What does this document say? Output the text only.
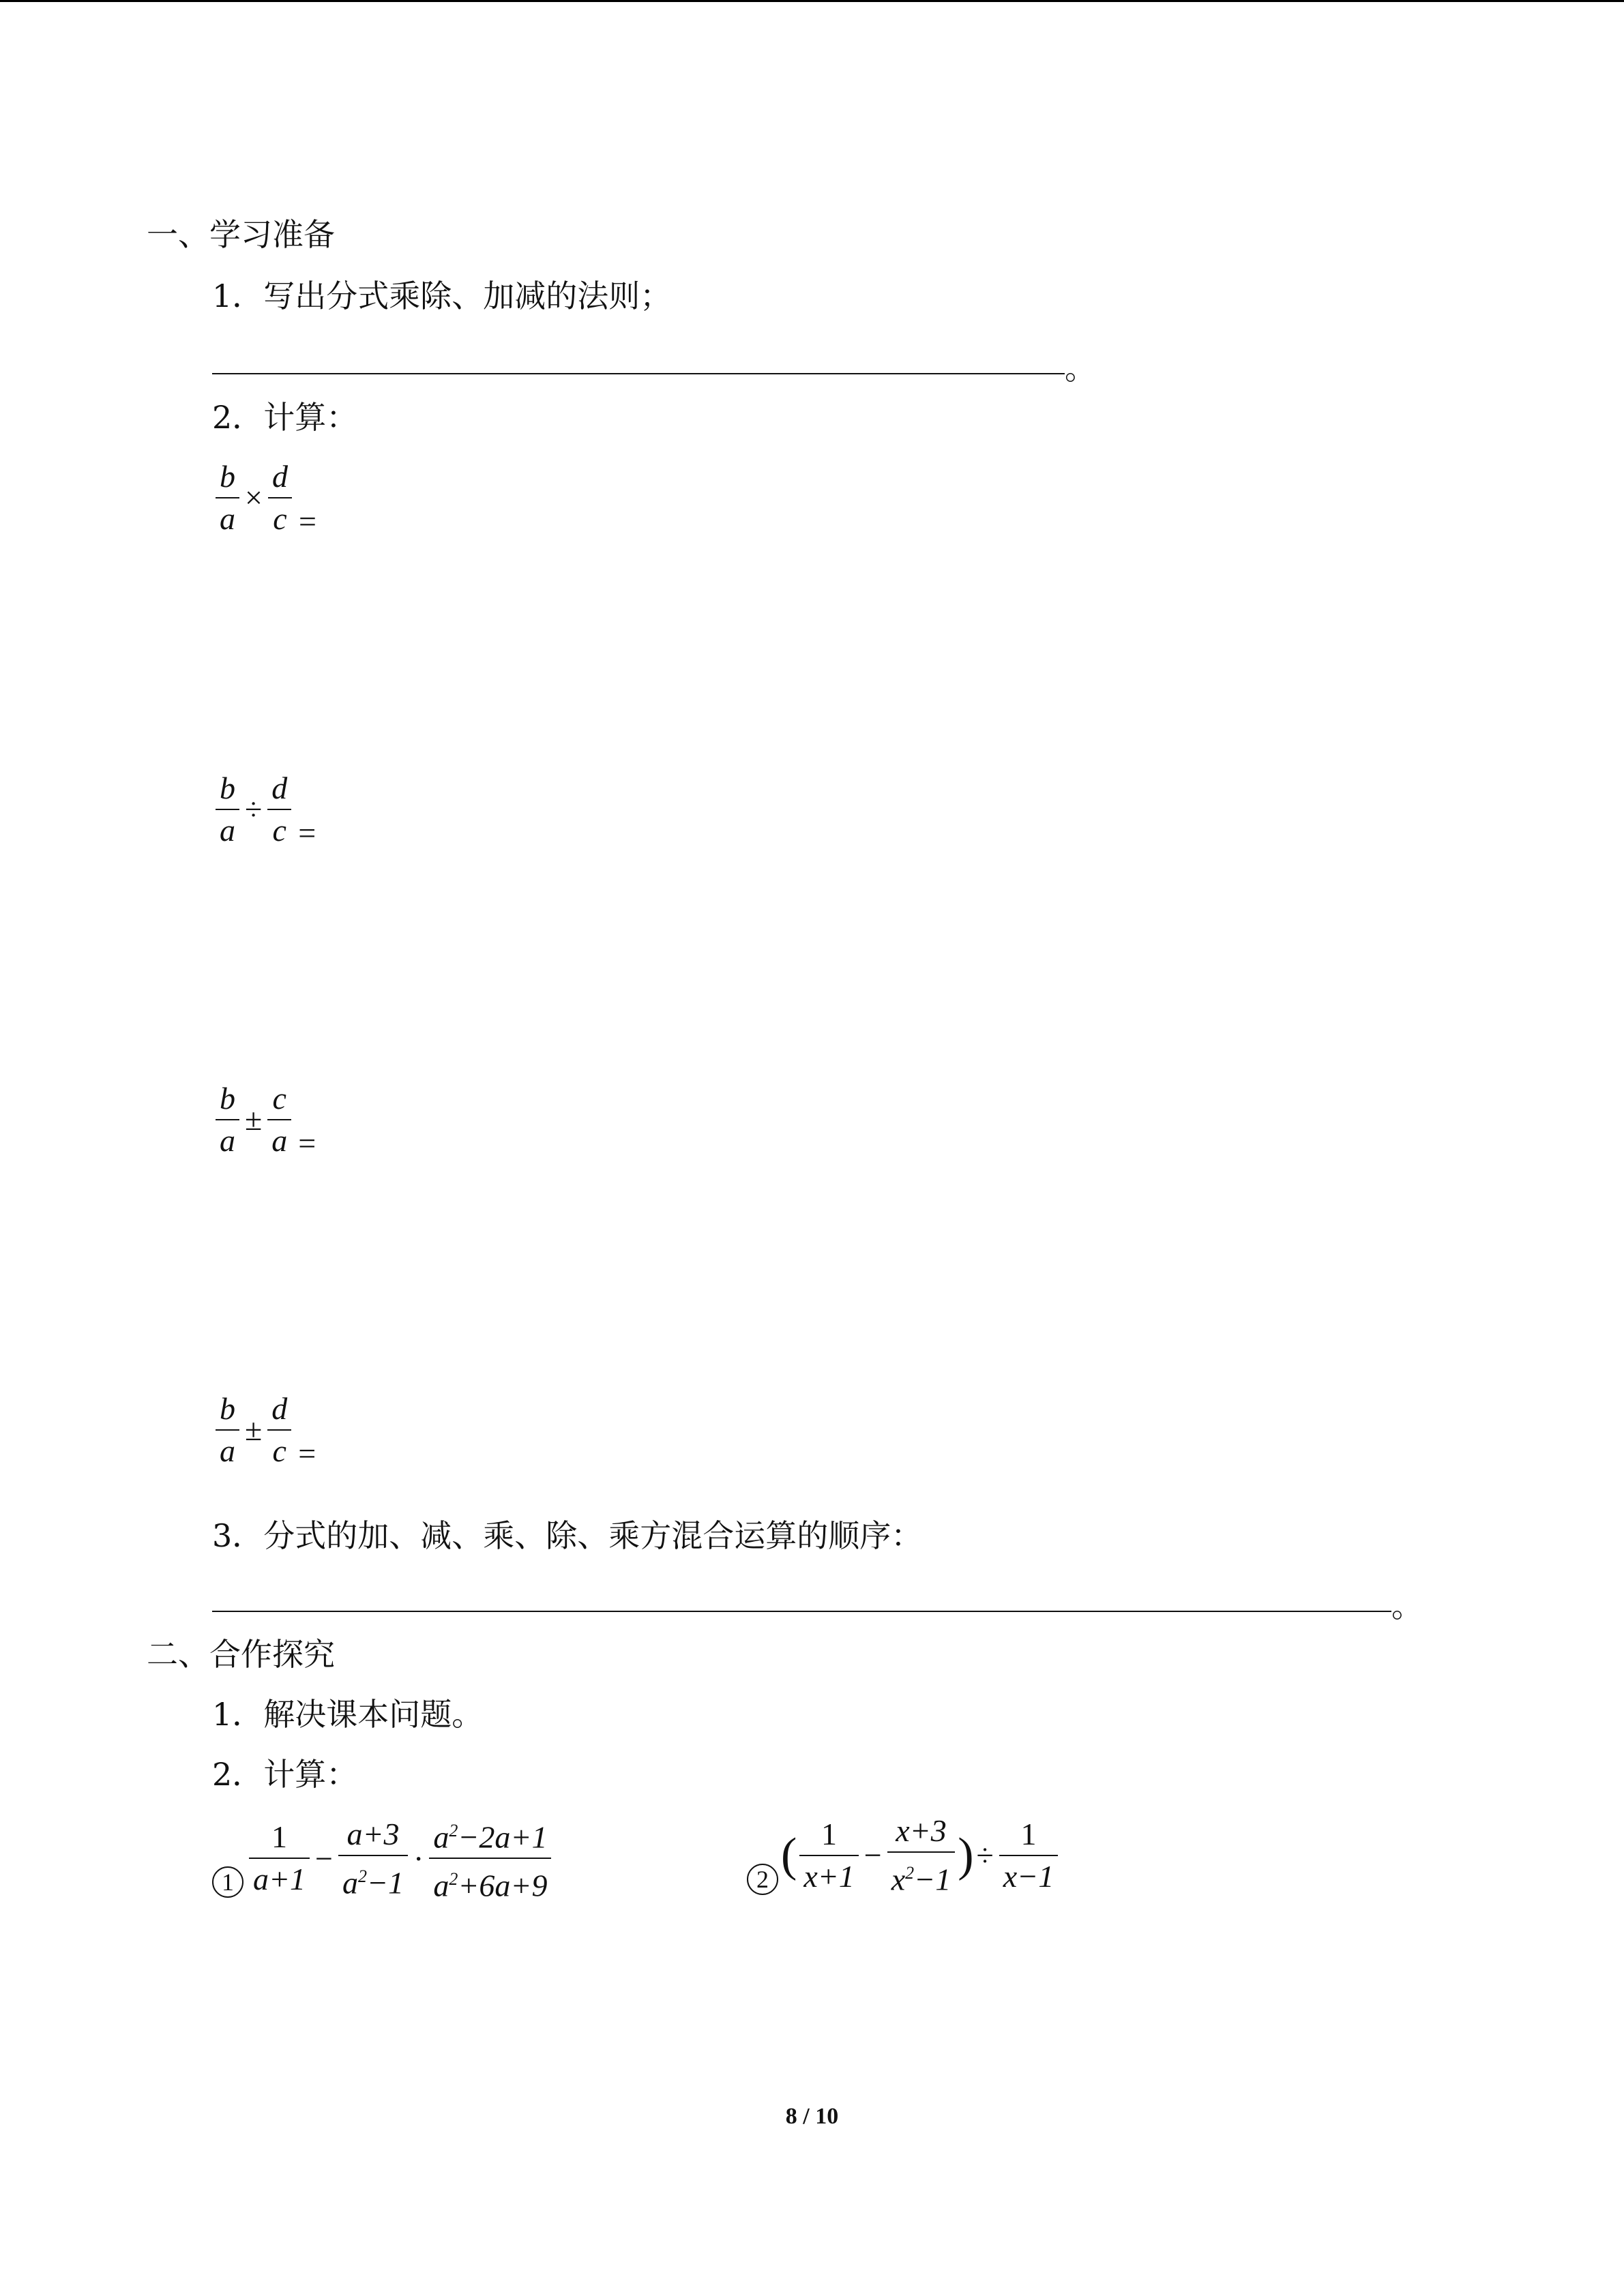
一、学习准备
1．写出分式乘除、加减的法则；
。
2．计算：
b
a
×
d
c =
b
a
÷
d
c =
b
a
±
c
a =
b
a
±
d
c =
3．分式的加、减、乘、除、乘方混合运算的顺序：
。
二、合作探究
1．解决课本问题。
2．计算：
1
1
a+1
−
a+3
$a^2-1$
·
$a^2-2a+1$
$a^2+6a+9$	2 ( 1
x+1
−
x+3
$x^2-1$ ) ÷
1
x−1
8 / 10
